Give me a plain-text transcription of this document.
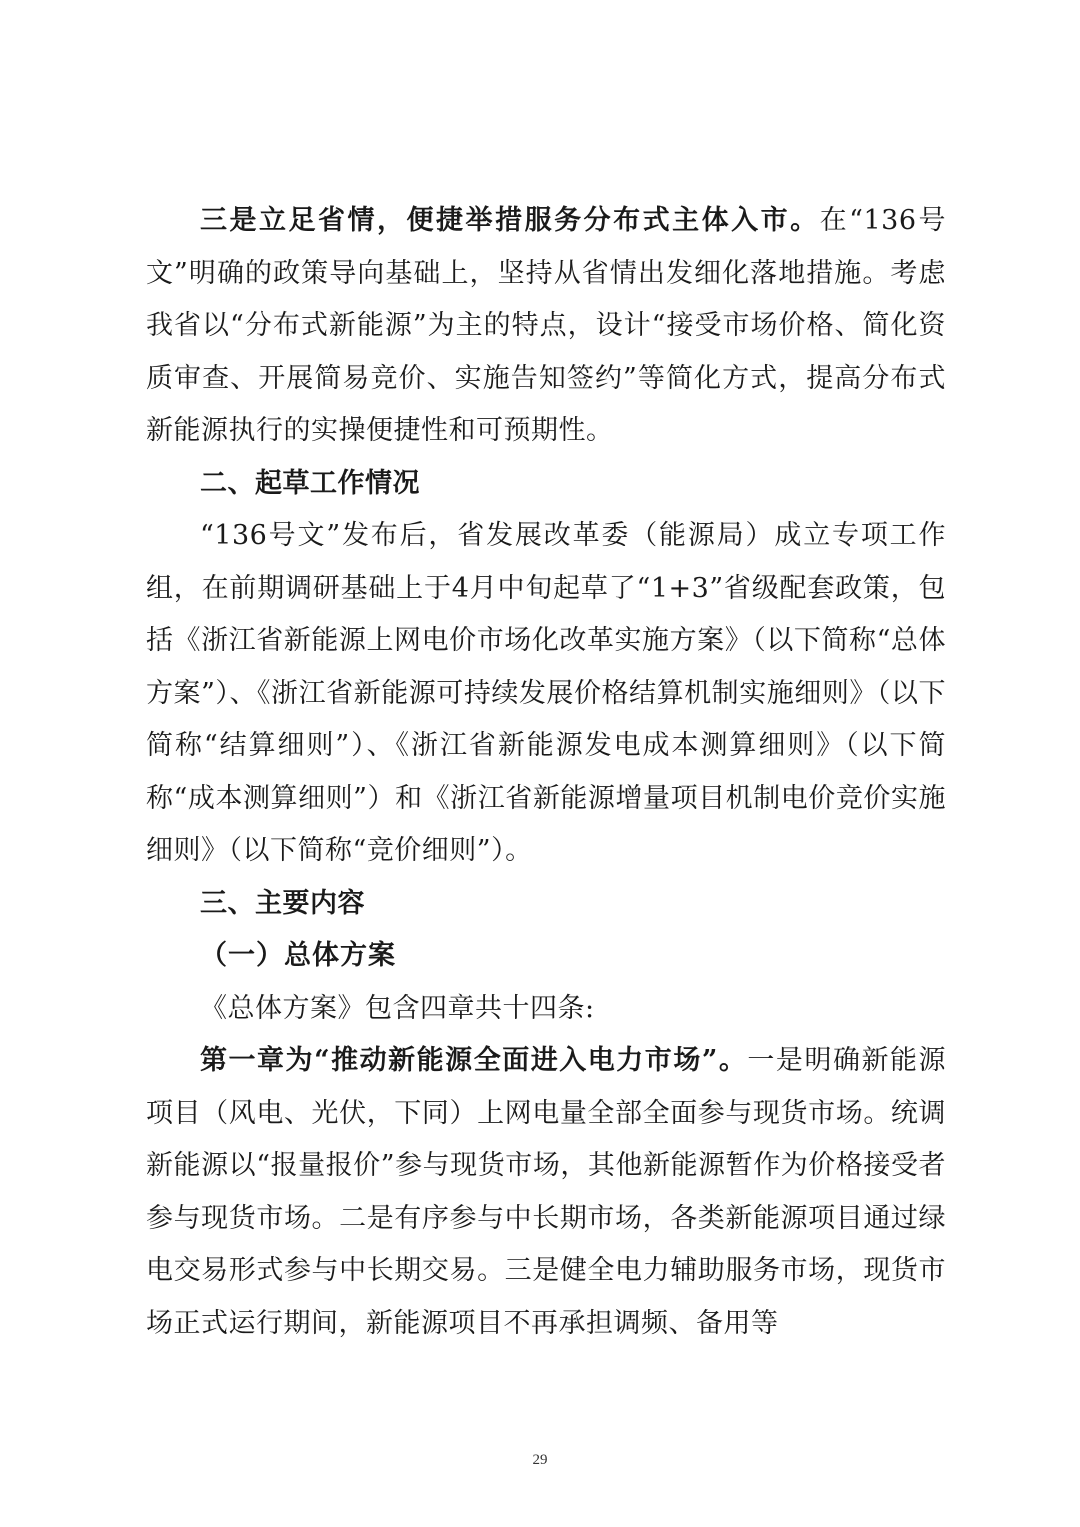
三是立足省情，便捷举措服务分布式主体入市。在“136号文”明确的政策导向基础上，坚持从省情出发细化落地措施。考虑我省以“分布式新能源”为主的特点，设计“接受市场价格、简化资质审查、开展简易竞价、实施告知签约”等简化方式，提高分布式新能源执行的实操便捷性和可预期性。

二、起草工作情况

“136号文”发布后，省发展改革委（能源局）成立专项工作组，在前期调研基础上于4月中旬起草了“1+3”省级配套政策，包括《浙江省新能源上网电价市场化改革实施方案》（以下简称“总体方案”）、《浙江省新能源可持续发展价格结算机制实施细则》（以下简称“结算细则”）、《浙江省新能源发电成本测算细则》（以下简称“成本测算细则”）和《浙江省新能源增量项目机制电价竞价实施细则》（以下简称“竞价细则”）。

三、主要内容

（一）总体方案

《总体方案》包含四章共十四条:

第一章为“推动新能源全面进入电力市场”。一是明确新能源项目（风电、光伏，下同）上网电量全部全面参与现货市场。统调新能源以“报量报价”参与现货市场，其他新能源暂作为价格接受者参与现货市场。二是有序参与中长期市场，各类新能源项目通过绿电交易形式参与中长期交易。三是健全电力辅助服务市场，现货市场正式运行期间，新能源项目不再承担调频、备用等

29
